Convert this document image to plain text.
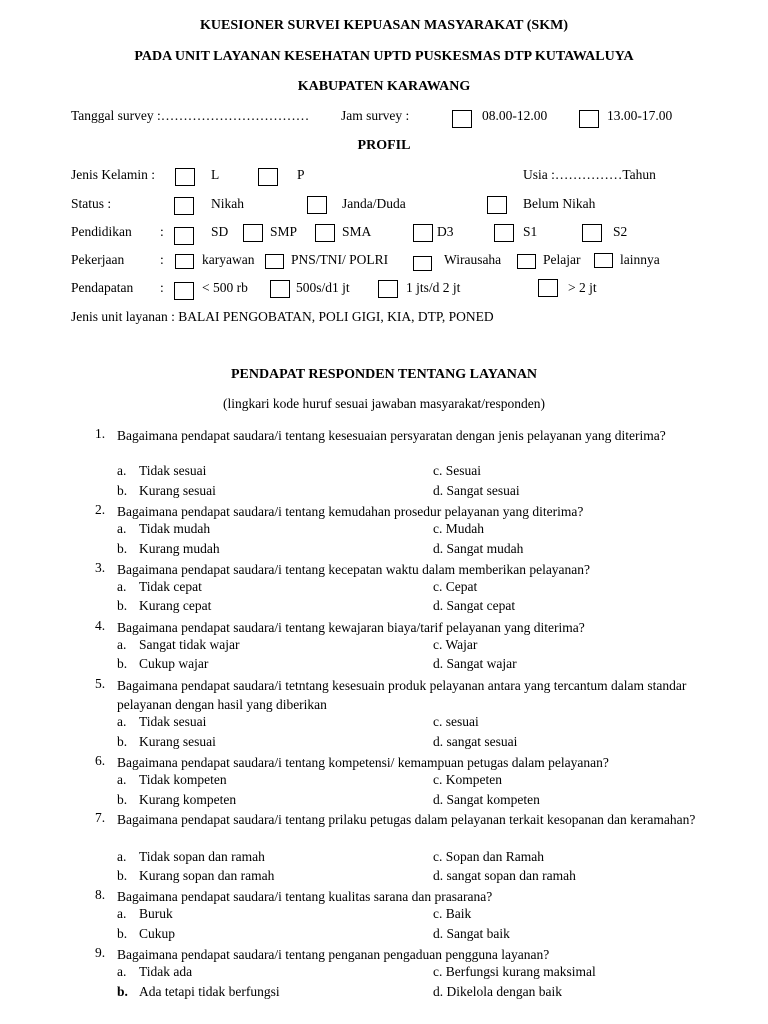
KUESIONER SURVEI KEPUASAN MASYARAKAT (SKM)
PADA UNIT LAYANAN KESEHATAN UPTD PUSKESMAS DTP KUTAWALUYA
KABUPATEN KARAWANG
Tanggal survey :…………………………… Jam survey :	08.00-12.00	13.00-17.00
PROFIL
Jenis Kelamin :	L	P	Usia :……………Tahun
Status :	Nikah	Janda/Duda	Belum Nikah
Pendidikan :	SD	SMP	SMA	D3	S1	S2
Pekerjaan	:	karyawan	PNS/TNI/ POLRI	Wirausaha	Pelajar	lainnya
Pendapatan :	< 500 rb	500s/d1 jt	1 jts/d 2 jt	> 2 jt
Jenis unit layanan : BALAI PENGOBATAN, POLI GIGI, KIA, DTP, PONED
PENDAPAT RESPONDEN TENTANG LAYANAN
(lingkari kode huruf sesuai jawaban masyarakat/responden)
1. Bagaimana pendapat saudara/i tentang kesesuaian persyaratan dengan jenis pelayanan yang diterima?
a. Tidak sesuai	c. Sesuai
b. Kurang sesuai	d. Sangat sesuai
2. Bagaimana pendapat saudara/i tentang kemudahan prosedur pelayanan yang diterima?
a. Tidak mudah	c. Mudah
b. Kurang mudah	d. Sangat mudah
3. Bagaimana pendapat saudara/i tentang kecepatan waktu dalam memberikan pelayanan?
a. Tidak cepat	c. Cepat
b. Kurang cepat	d. Sangat cepat
4. Bagaimana pendapat saudara/i tentang kewajaran biaya/tarif pelayanan yang diterima?
a. Sangat tidak wajar	c. Wajar
b. Cukup wajar	d. Sangat wajar
5. Bagaimana pendapat saudara/i tetntang kesesuain produk pelayanan antara yang tercantum dalam standar pelayanan dengan hasil yang diberikan
a. Tidak sesuai	c. sesuai
b. Kurang sesuai	d. sangat sesuai
6. Bagaimana pendapat saudara/i tentang kompetensi/ kemampuan petugas dalam pelayanan?
a. Tidak kompeten	c. Kompeten
b. Kurang kompeten	d. Sangat kompeten
7. Bagaimana pendapat saudara/i tentang prilaku petugas dalam pelayanan terkait kesopanan dan keramahan?
a. Tidak sopan dan ramah	c. Sopan dan Ramah
b. Kurang sopan dan ramah	d. sangat sopan dan ramah
8. Bagaimana pendapat saudara/i tentang kualitas sarana dan prasarana?
a. Buruk	c. Baik
b. Cukup	d. Sangat baik
9. Bagaimana pendapat saudara/i tentang penganan pengaduan pengguna layanan?
a. Tidak ada	c. Berfungsi kurang maksimal
b. Ada tetapi tidak berfungsi	d. Dikelola dengan baik
